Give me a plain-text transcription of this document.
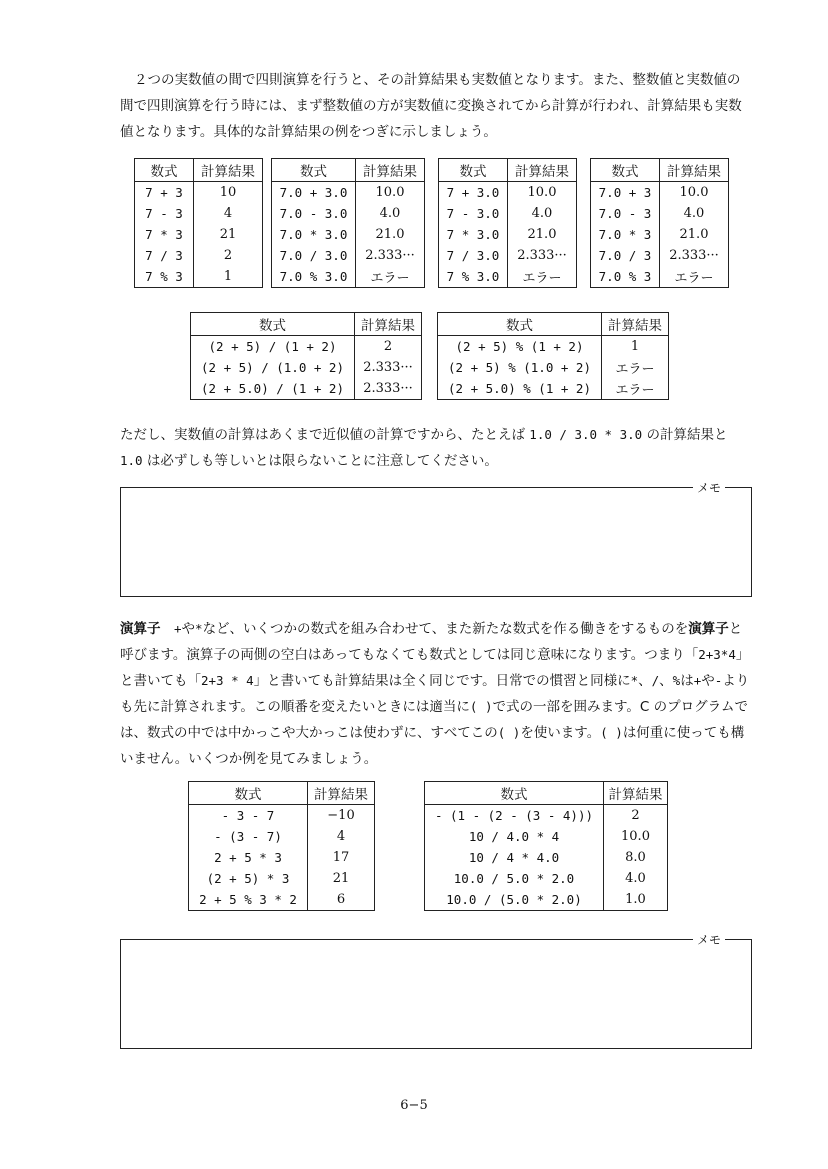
２つの実数値の間で四則演算を行うと、その計算結果も実数値となります。また、整数値と実数値の間で四則演算を行う時には、まず整数値の方が実数値に変換されてから計算が行われ、計算結果も実数値となります。具体的な計算結果の例をつぎに示しましょう。
数式	計算結果
7 + 3	10
7 - 3	4
7 * 3	21
7 / 3	2
7 % 3	1
数式	計算結果
7.0 + 3.0	10.0
7.0 - 3.0	4.0
7.0 * 3.0	21.0
7.0 / 3.0	2.333···
7.0 % 3.0	エラー
数式	計算結果
7 + 3.0	10.0
7 - 3.0	4.0
7 * 3.0	21.0
7 / 3.0	2.333···
7 % 3.0	エラー
数式	計算結果
7.0 + 3	10.0
7.0 - 3	4.0
7.0 * 3	21.0
7.0 / 3	2.333···
7.0 % 3	エラー
数式	計算結果
(2 + 5) / (1 + 2)	2
(2 + 5) / (1.0 + 2)	2.333···
(2 + 5.0) / (1 + 2)	2.333···
数式	計算結果
(2 + 5) % (1 + 2)	1
(2 + 5) % (1.0 + 2)	エラー
(2 + 5.0) % (1 + 2)	エラー
ただし、実数値の計算はあくまで近似値の計算ですから、たとえば 1.0 / 3.0 * 3.0 の計算結果と 1.0 は必ずしも等しいとは限らないことに注意してください。
メモ
演算子　 +や*など、いくつかの数式を組み合わせて、また新たな数式を作る働きをするものを演算子と呼びます。演算子の両側の空白はあってもなくても数式としては同じ意味になります。つまり「2+3*4」と書いても「2+3 * 4」と書いても計算結果は全く同じです。日常での慣習と同様に*、/、%は+や-よりも先に計算されます。この順番を変えたいときには適当に( )で式の一部を囲みます。C のプログラムでは、数式の中では中かっこや大かっこは使わずに、すべてこの( )を使います。( )は何重に使っても構いません。いくつか例を見てみましょう。
数式	計算結果
- 3 - 7	−10
- (3 - 7)	4
2 + 5 * 3	17
(2 + 5) * 3	21
2 + 5 % 3 * 2	6
数式	計算結果
- (1 - (2 - (3 - 4)))	2
10 / 4.0 * 4	10.0
10 / 4 * 4.0	8.0
10.0 / 5.0 * 2.0	4.0
10.0 / (5.0 * 2.0)	1.0
メモ
6−5
